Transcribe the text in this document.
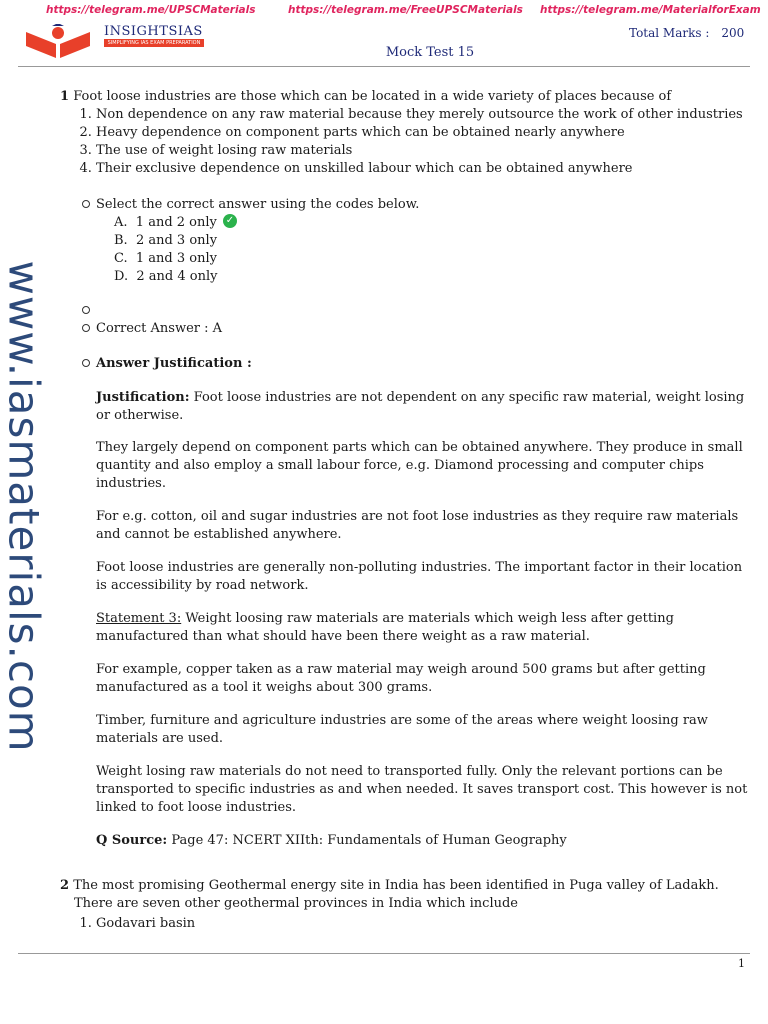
https://telegram.me/UPSCMaterials	https://telegram.me/FreeUPSCMaterials https://telegram.me/MaterialforExam
INSIGHTSIAS
SIMPLIFYING IAS EXAM PREPARATION
Total Marks : 200
Mock Test 15
www.iasmaterials.com

1 Foot loose industries are those which can be located in a wide variety of places because of

1. Non dependence on any raw material because they merely outsource the work of other industries
2. Heavy dependence on component parts which can be obtained nearly anywhere
3. The use of weight losing raw materials
4. Their exclusive dependence on unskilled labour which can be obtained anywhere
Select the correct answer using the codes below.
A. 1 and 2 only ✓
B. 2 and 3 only
C. 1 and 3 only
D. 2 and 4 only
Correct Answer : A
Answer Justification :

Justification: Foot loose industries are not dependent on any specific raw material, weight losing or otherwise.

They largely depend on component parts which can be obtained anywhere. They produce in small quantity and also employ a small labour force, e.g. Diamond processing and computer chips industries.

For e.g. cotton, oil and sugar industries are not foot lose industries as they require raw materials and cannot be established anywhere.

Foot loose industries are generally non-polluting industries. The important factor in their location is accessibility by road network.

Statement 3: Weight loosing raw materials are materials which weigh less after getting manufactured than what should have been there weight as a raw material.

For example, copper taken as a raw material may weigh around 500 grams but after getting manufactured as a tool it weighs about 300 grams.

Timber, furniture and agriculture industries are some of the areas where weight loosing raw materials are used.

Weight losing raw materials do not need to transported fully. Only the relevant portions can be transported to specific industries as and when needed. It saves transport cost. This however is not linked to foot loose industries.

Q Source: Page 47: NCERT XIIth: Fundamentals of Human Geography

2 The most promising Geothermal energy site in India has been identified in Puga valley of Ladakh. There are seven other geothermal provinces in India which include

1. Godavari basin
1
